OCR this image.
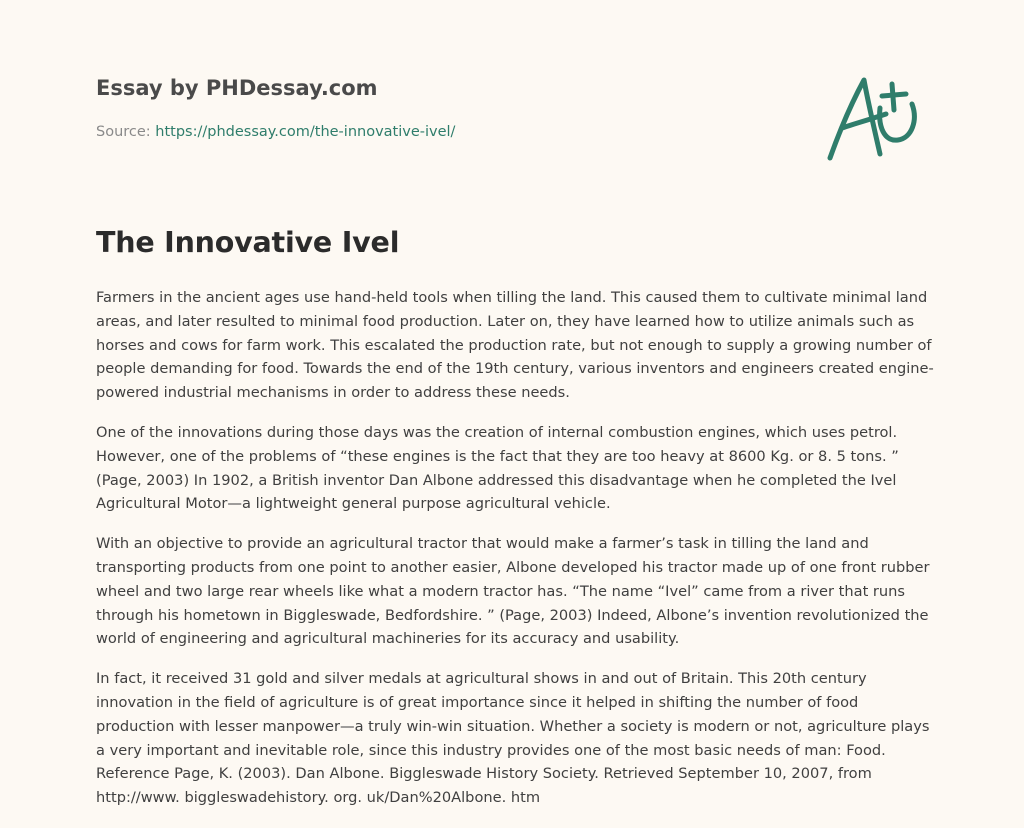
Essay by PHDessay.com

Source: https://phdessay.com/the-innovative-ivel/

The Innovative Ivel

Farmers in the ancient ages use hand-held tools when tilling the land. This caused them to cultivate minimal land areas, and later resulted to minimal food production. Later on, they have learned how to utilize animals such as horses and cows for farm work. This escalated the production rate, but not enough to supply a growing number of people demanding for food. Towards the end of the 19th century, various inventors and engineers created engine-powered industrial mechanisms in order to address these needs.

One of the innovations during those days was the creation of internal combustion engines, which uses petrol. However, one of the problems of “these engines is the fact that they are too heavy at 8600 Kg. or 8. 5 tons. ” (Page, 2003) In 1902, a British inventor Dan Albone addressed this disadvantage when he completed the Ivel Agricultural Motor—a lightweight general purpose agricultural vehicle.

With an objective to provide an agricultural tractor that would make a farmer’s task in tilling the land and transporting products from one point to another easier, Albone developed his tractor made up of one front rubber wheel and two large rear wheels like what a modern tractor has. “The name “Ivel” came from a river that runs through his hometown in Biggleswade, Bedfordshire. ” (Page, 2003) Indeed, Albone’s invention revolutionized the world of engineering and agricultural machineries for its accuracy and usability.

In fact, it received 31 gold and silver medals at agricultural shows in and out of Britain. This 20th century innovation in the field of agriculture is of great importance since it helped in shifting the number of food production with lesser manpower—a truly win-win situation. Whether a society is modern or not, agriculture plays a very important and inevitable role, since this industry provides one of the most basic needs of man: Food. Reference Page, K. (2003). Dan Albone. Biggleswade History Society. Retrieved September 10, 2007, from http://www. biggleswadehistory. org. uk/Dan%20Albone. htm
